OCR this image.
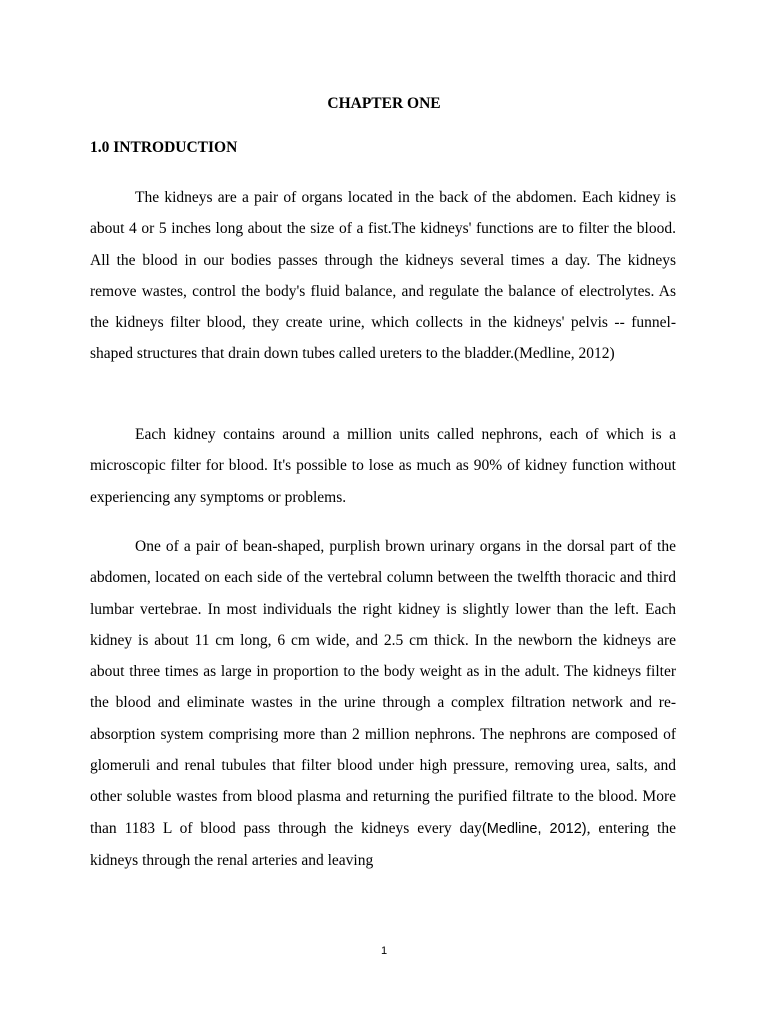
CHAPTER ONE
1.0 INTRODUCTION

The kidneys are a pair of organs located in the back of the abdomen. Each kidney is about 4 or 5 inches long about the size of a fist.The kidneys' functions are to filter the blood. All the blood in our bodies passes through the kidneys several times a day. The kidneys remove wastes, control the body's fluid balance, and regulate the balance of electrolytes. As the kidneys filter blood, they create urine, which collects in the kidneys' pelvis -- funnel-shaped structures that drain down tubes called ureters to the bladder.(Medline, 2012)

Each kidney contains around a million units called nephrons, each of which is a microscopic filter for blood. It's possible to lose as much as 90% of kidney function without experiencing any symptoms or problems.

One of a pair of bean-shaped, purplish brown urinary organs in the dorsal part of the abdomen, located on each side of the vertebral column between the twelfth thoracic and third lumbar vertebrae. In most individuals the right kidney is slightly lower than the left. Each kidney is about 11 cm long, 6 cm wide, and 2.5 cm thick. In the newborn the kidneys are about three times as large in proportion to the body weight as in the adult. The kidneys filter the blood and eliminate wastes in the urine through a complex filtration network and re-absorption system comprising more than 2 million nephrons. The nephrons are composed of glomeruli and renal tubules that filter blood under high pressure, removing urea, salts, and other soluble wastes from blood plasma and returning the purified filtrate to the blood. More than 1183 L of blood pass through the kidneys every day(Medline, 2012), entering the kidneys through the renal arteries and leaving

1
